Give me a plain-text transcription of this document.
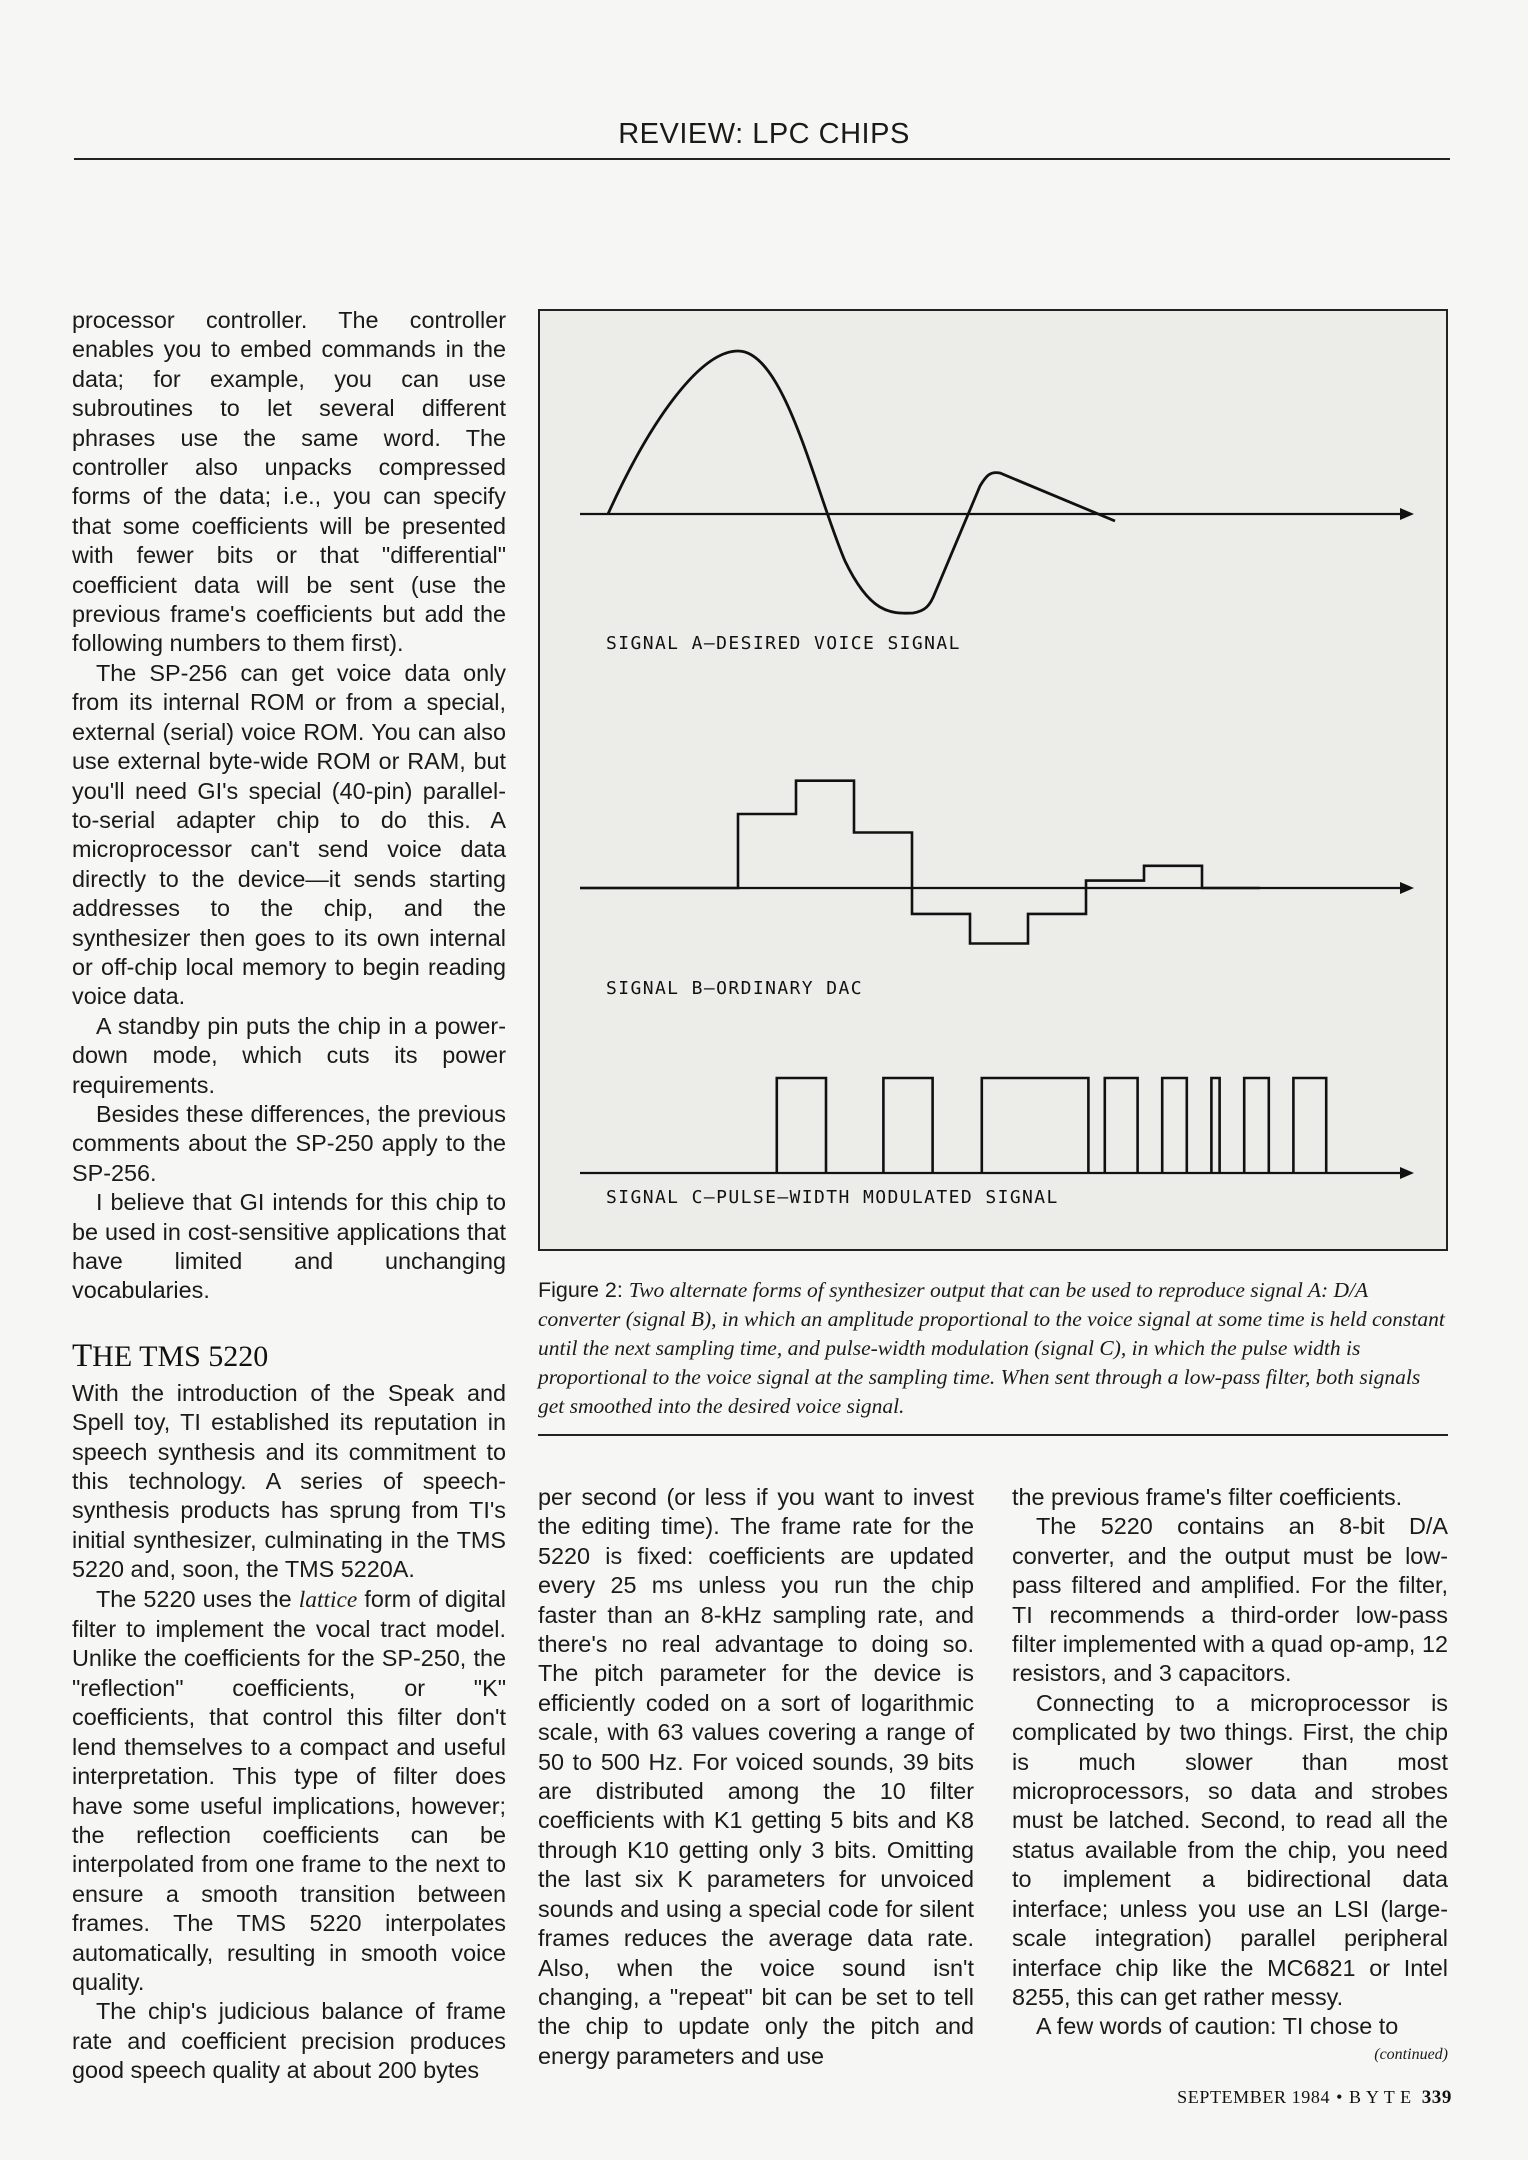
REVIEW: LPC CHIPS

processor controller. The controller enables you to embed commands in the data; for example, you can use subroutines to let several different phrases use the same word. The controller also unpacks compressed forms of the data; i.e., you can specify that some coefficients will be presented with fewer bits or that "differential" coefficient data will be sent (use the previous frame's coefficients but add the following numbers to them first).

The SP-256 can get voice data only from its internal ROM or from a special, external (serial) voice ROM. You can also use external byte-wide ROM or RAM, but you'll need GI's special (40-pin) parallel-to-serial adapter chip to do this. A microprocessor can't send voice data directly to the device—it sends starting addresses to the chip, and the synthesizer then goes to its own internal or off-chip local memory to begin reading voice data.

A standby pin puts the chip in a power-down mode, which cuts its power requirements.

Besides these differences, the previous comments about the SP-250 apply to the SP-256.

I believe that GI intends for this chip to be used in cost-sensitive applications that have limited and unchanging vocabularies.

THE TMS 5220

With the introduction of the Speak and Spell toy, TI established its reputation in speech synthesis and its commitment to this technology. A series of speech-synthesis products has sprung from TI's initial synthesizer, culminating in the TMS 5220 and, soon, the TMS 5220A.

The 5220 uses the lattice form of digital filter to implement the vocal tract model. Unlike the coefficients for the SP-250, the "reflection" coefficients, or "K" coefficients, that control this filter don't lend themselves to a compact and useful interpretation. This type of filter does have some useful implications, however; the reflection coefficients can be interpolated from one frame to the next to ensure a smooth transition between frames. The TMS 5220 interpolates automatically, resulting in smooth voice quality.

The chip's judicious balance of frame rate and coefficient precision produces good speech quality at about 200 bytes

SIGNAL A—DESIRED VOICE SIGNAL
SIGNAL B—ORDINARY DAC
SIGNAL C—PULSE—WIDTH MODULATED SIGNAL
Figure 2: Two alternate forms of synthesizer output that can be used to reproduce signal A: D/A converter (signal B), in which an amplitude proportional to the voice signal at some time is held constant until the next sampling time, and pulse-width modulation (signal C), in which the pulse width is proportional to the voice signal at the sampling time. When sent through a low-pass filter, both signals get smoothed into the desired voice signal.

per second (or less if you want to invest the editing time). The frame rate for the 5220 is fixed: coefficients are updated every 25 ms unless you run the chip faster than an 8-kHz sampling rate, and there's no real advantage to doing so. The pitch parameter for the device is efficiently coded on a sort of logarithmic scale, with 63 values covering a range of 50 to 500 Hz. For voiced sounds, 39 bits are distributed among the 10 filter coefficients with K1 getting 5 bits and K8 through K10 getting only 3 bits. Omitting the last six K parameters for unvoiced sounds and using a special code for silent frames reduces the average data rate. Also, when the voice sound isn't changing, a "repeat" bit can be set to tell the chip to update only the pitch and energy parameters and use

the previous frame's filter coefficients.

The 5220 contains an 8-bit D/A converter, and the output must be low-pass filtered and amplified. For the filter, TI recommends a third-order low-pass filter implemented with a quad op-amp, 12 resistors, and 3 capacitors.

Connecting to a microprocessor is complicated by two things. First, the chip is much slower than most microprocessors, so data and strobes must be latched. Second, to read all the status available from the chip, you need to implement a bidirectional data interface; unless you use an LSI (large-scale integration) parallel peripheral interface chip like the MC6821 or Intel 8255, this can get rather messy.

A few words of caution: TI chose to

(continued)
SEPTEMBER 1984 • B Y T E 339
